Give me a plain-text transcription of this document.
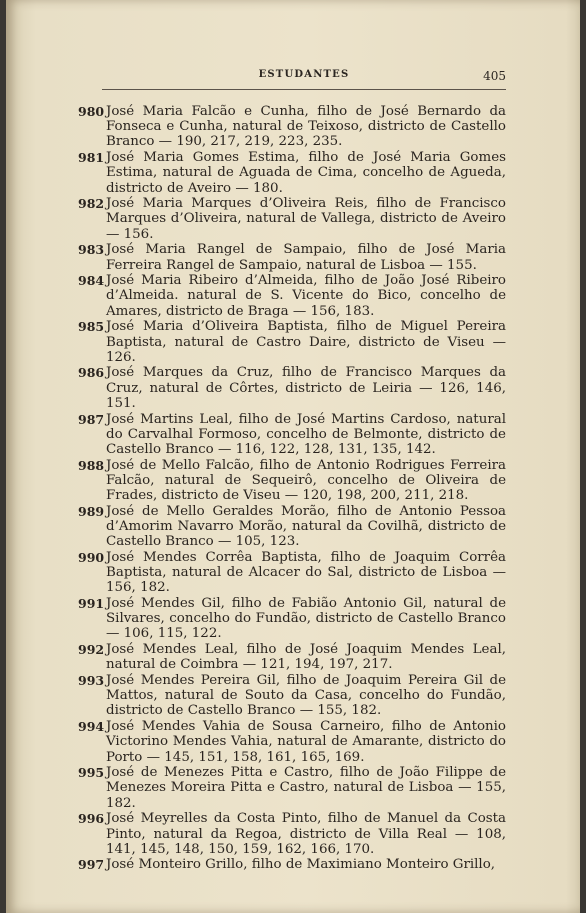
ESTUDANTES	405
980 José Maria Falcão e Cunha, filho de José Bernardo da Fonseca e Cunha, natural de Teixoso, districto de Castello Branco — 190, 217, 219, 223, 235.
981 José Maria Gomes Estima, filho de José Maria Gomes Estima, natural de Aguada de Cima, concelho de Agueda, districto de Aveiro — 180.
982 José Maria Marques d’Oliveira Reis, filho de Francisco Marques d’Oliveira, natural de Vallega, districto de Aveiro — 156.
983 José Maria Rangel de Sampaio, filho de José Maria Ferreira Rangel de Sampaio, natural de Lisboa — 155.
984 José Maria Ribeiro d’Almeida, filho de João José Ribeiro d’Almeida. natural de S. Vicente do Bico, concelho de Amares, districto de Braga — 156, 183.
985 José Maria d’Oliveira Baptista, filho de Miguel Pereira Baptista, natural de Castro Daire, districto de Viseu — 126.
986 José Marques da Cruz, filho de Francisco Marques da Cruz, natural de Côrtes, districto de Leiria — 126, 146, 151.
987 José Martins Leal, filho de José Martins Cardoso, natural do Carvalhal Formoso, concelho de Belmonte, districto de Castello Branco — 116, 122, 128, 131, 135, 142.
988 José de Mello Falcão, filho de Antonio Rodrigues Ferreira Falcão, natural de Sequeirô, concelho de Oliveira de Frades, districto de Viseu — 120, 198, 200, 211, 218.
989 José de Mello Geraldes Morão, filho de Antonio Pessoa d’Amorim Navarro Morão, natural da Covilhã, districto de Castello Branco — 105, 123.
990 José Mendes Corrêa Baptista, filho de Joaquim Corrêa Baptista, natural de Alcacer do Sal, districto de Lisboa — 156, 182.
991 José Mendes Gil, filho de Fabião Antonio Gil, natural de Silvares, concelho do Fundão, districto de Castello Branco — 106, 115, 122.
992 José Mendes Leal, filho de José Joaquim Mendes Leal, natural de Coimbra — 121, 194, 197, 217.
993 José Mendes Pereira Gil, filho de Joaquim Pereira Gil de Mattos, natural de Souto da Casa, concelho do Fundão, districto de Castello Branco — 155, 182.
994 José Mendes Vahia de Sousa Carneiro, filho de Antonio Victorino Mendes Vahia, natural de Amarante, districto do Porto — 145, 151, 158, 161, 165, 169.
995 José de Menezes Pitta e Castro, filho de João Filippe de Menezes Moreira Pitta e Castro, natural de Lisboa — 155, 182.
996 José Meyrelles da Costa Pinto, filho de Manuel da Costa Pinto, natural da Regoa, districto de Villa Real — 108, 141, 145, 148, 150, 159, 162, 166, 170.
997 José Monteiro Grillo, filho de Maximiano Monteiro Grillo,
